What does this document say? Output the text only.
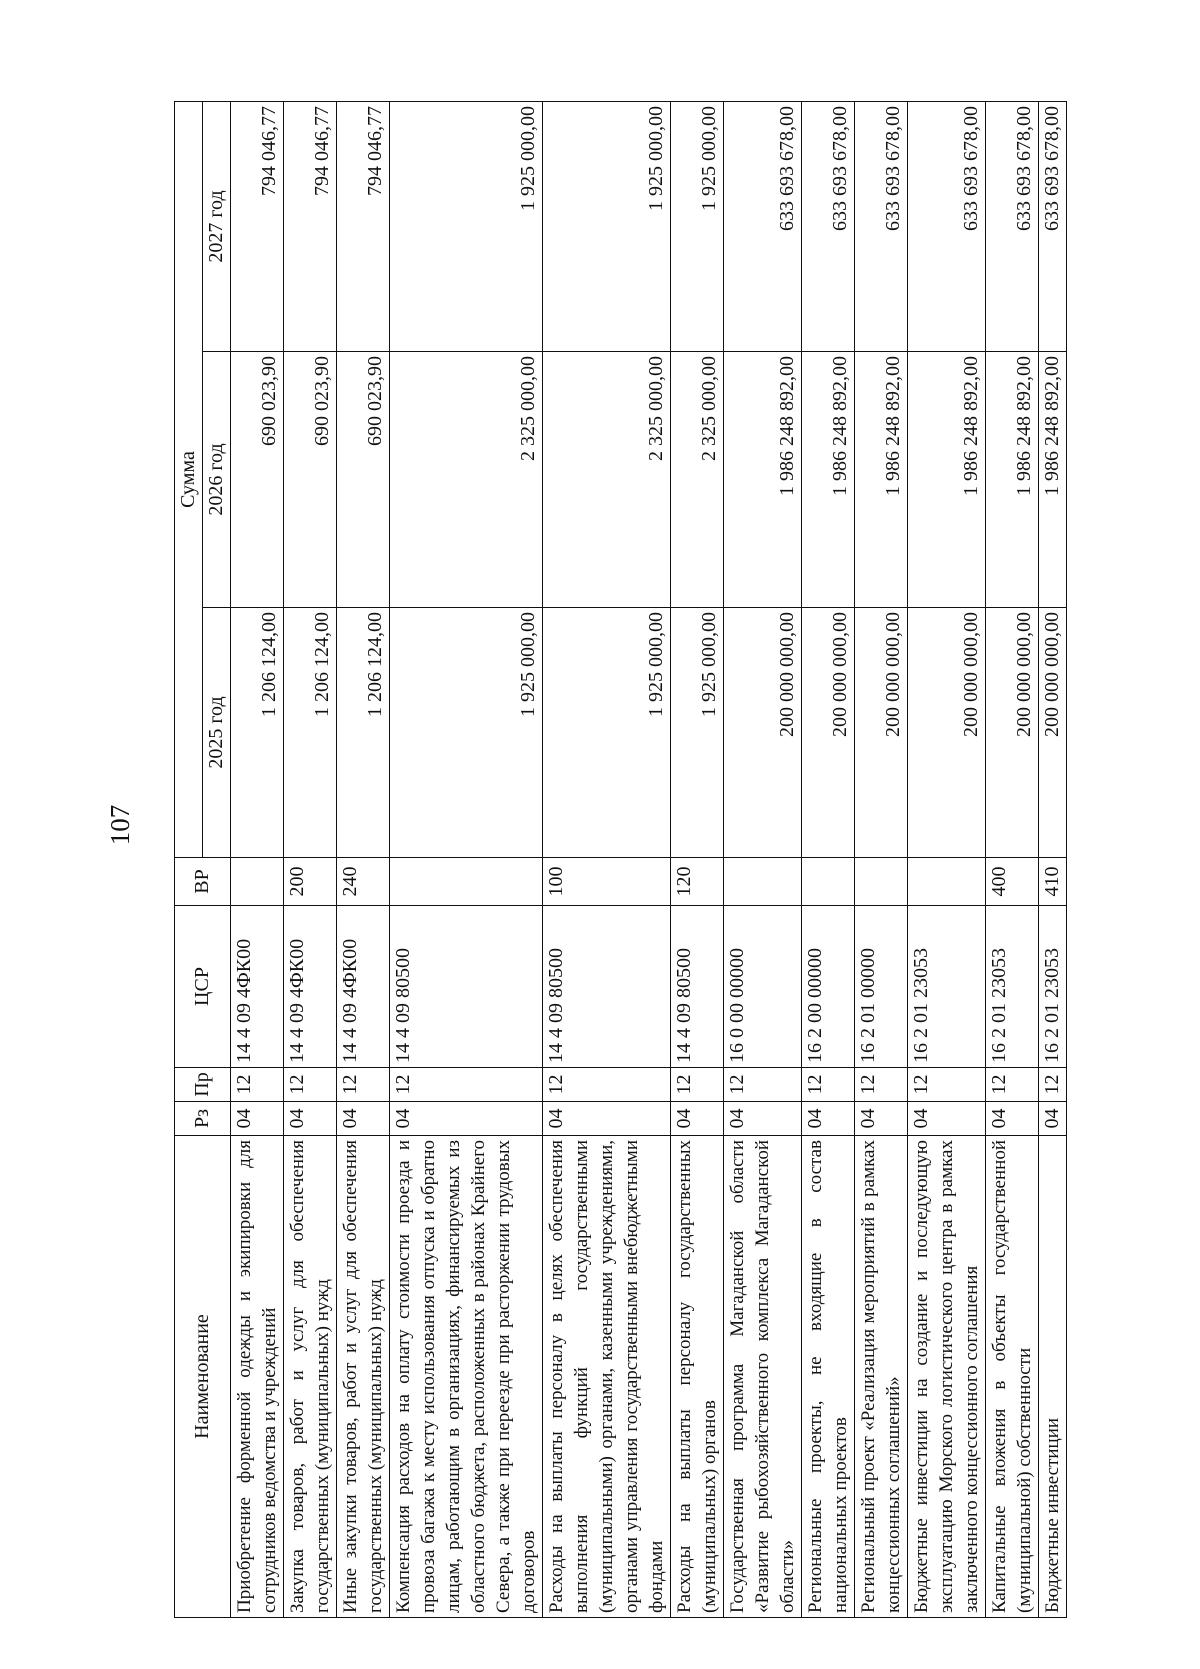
107
Наименование	Рз	Пр	ЦСР	ВР	Сумма		
					2025 год	2026 год	2027 год
Приобретение форменной одежды и экипировки для сотрудников ведомства и учреждений	04	12	14 4 09 4ФК00		1 206 124,00	690 023,90	794 046,77
Закупка товаров, работ и услуг для обеспечения государственных (муниципальных) нужд	04	12	14 4 09 4ФК00	200	1 206 124,00	690 023,90	794 046,77
Иные закупки товаров, работ и услуг для обеспечения государственных (муниципальных) нужд	04	12	14 4 09 4ФК00	240	1 206 124,00	690 023,90	794 046,77
Компенсация расходов на оплату стоимости проезда и провоза багажа к месту использования отпуска и обратно лицам, работающим в организациях, финансируемых из областного бюджета, расположенных в районах Крайнего Севера, а также при переезде при расторжении трудовых договоров	04	12	14 4 09 80500		1 925 000,00	2 325 000,00	1 925 000,00
Расходы на выплаты персоналу в целях обеспечения выполнения функций государственными (муниципальными) органами, казенными учреждениями, органами управления государственными внебюджетными фондами	04	12	14 4 09 80500	100	1 925 000,00	2 325 000,00	1 925 000,00
Расходы на выплаты персоналу государственных (муниципальных) органов	04	12	14 4 09 80500	120	1 925 000,00	2 325 000,00	1 925 000,00
Государственная программа Магаданской области «Развитие рыбохозяйственного комплекса Магаданской области»	04	12	16 0 00 00000		200 000 000,00	1 986 248 892,00	633 693 678,00
Региональные проекты, не входящие в состав национальных проектов	04	12	16 2 00 00000		200 000 000,00	1 986 248 892,00	633 693 678,00
Региональный проект «Реализация мероприятий в рамках концессионных соглашений»	04	12	16 2 01 00000		200 000 000,00	1 986 248 892,00	633 693 678,00
Бюджетные инвестиции на создание и последующую эксплуатацию Морского логистического центра в рамках заключенного концессионного соглашения	04	12	16 2 01 23053		200 000 000,00	1 986 248 892,00	633 693 678,00
Капитальные вложения в объекты государственной (муниципальной) собственности	04	12	16 2 01 23053	400	200 000 000,00	1 986 248 892,00	633 693 678,00
Бюджетные инвестиции	04	12	16 2 01 23053	410	200 000 000,00	1 986 248 892,00	633 693 678,00
